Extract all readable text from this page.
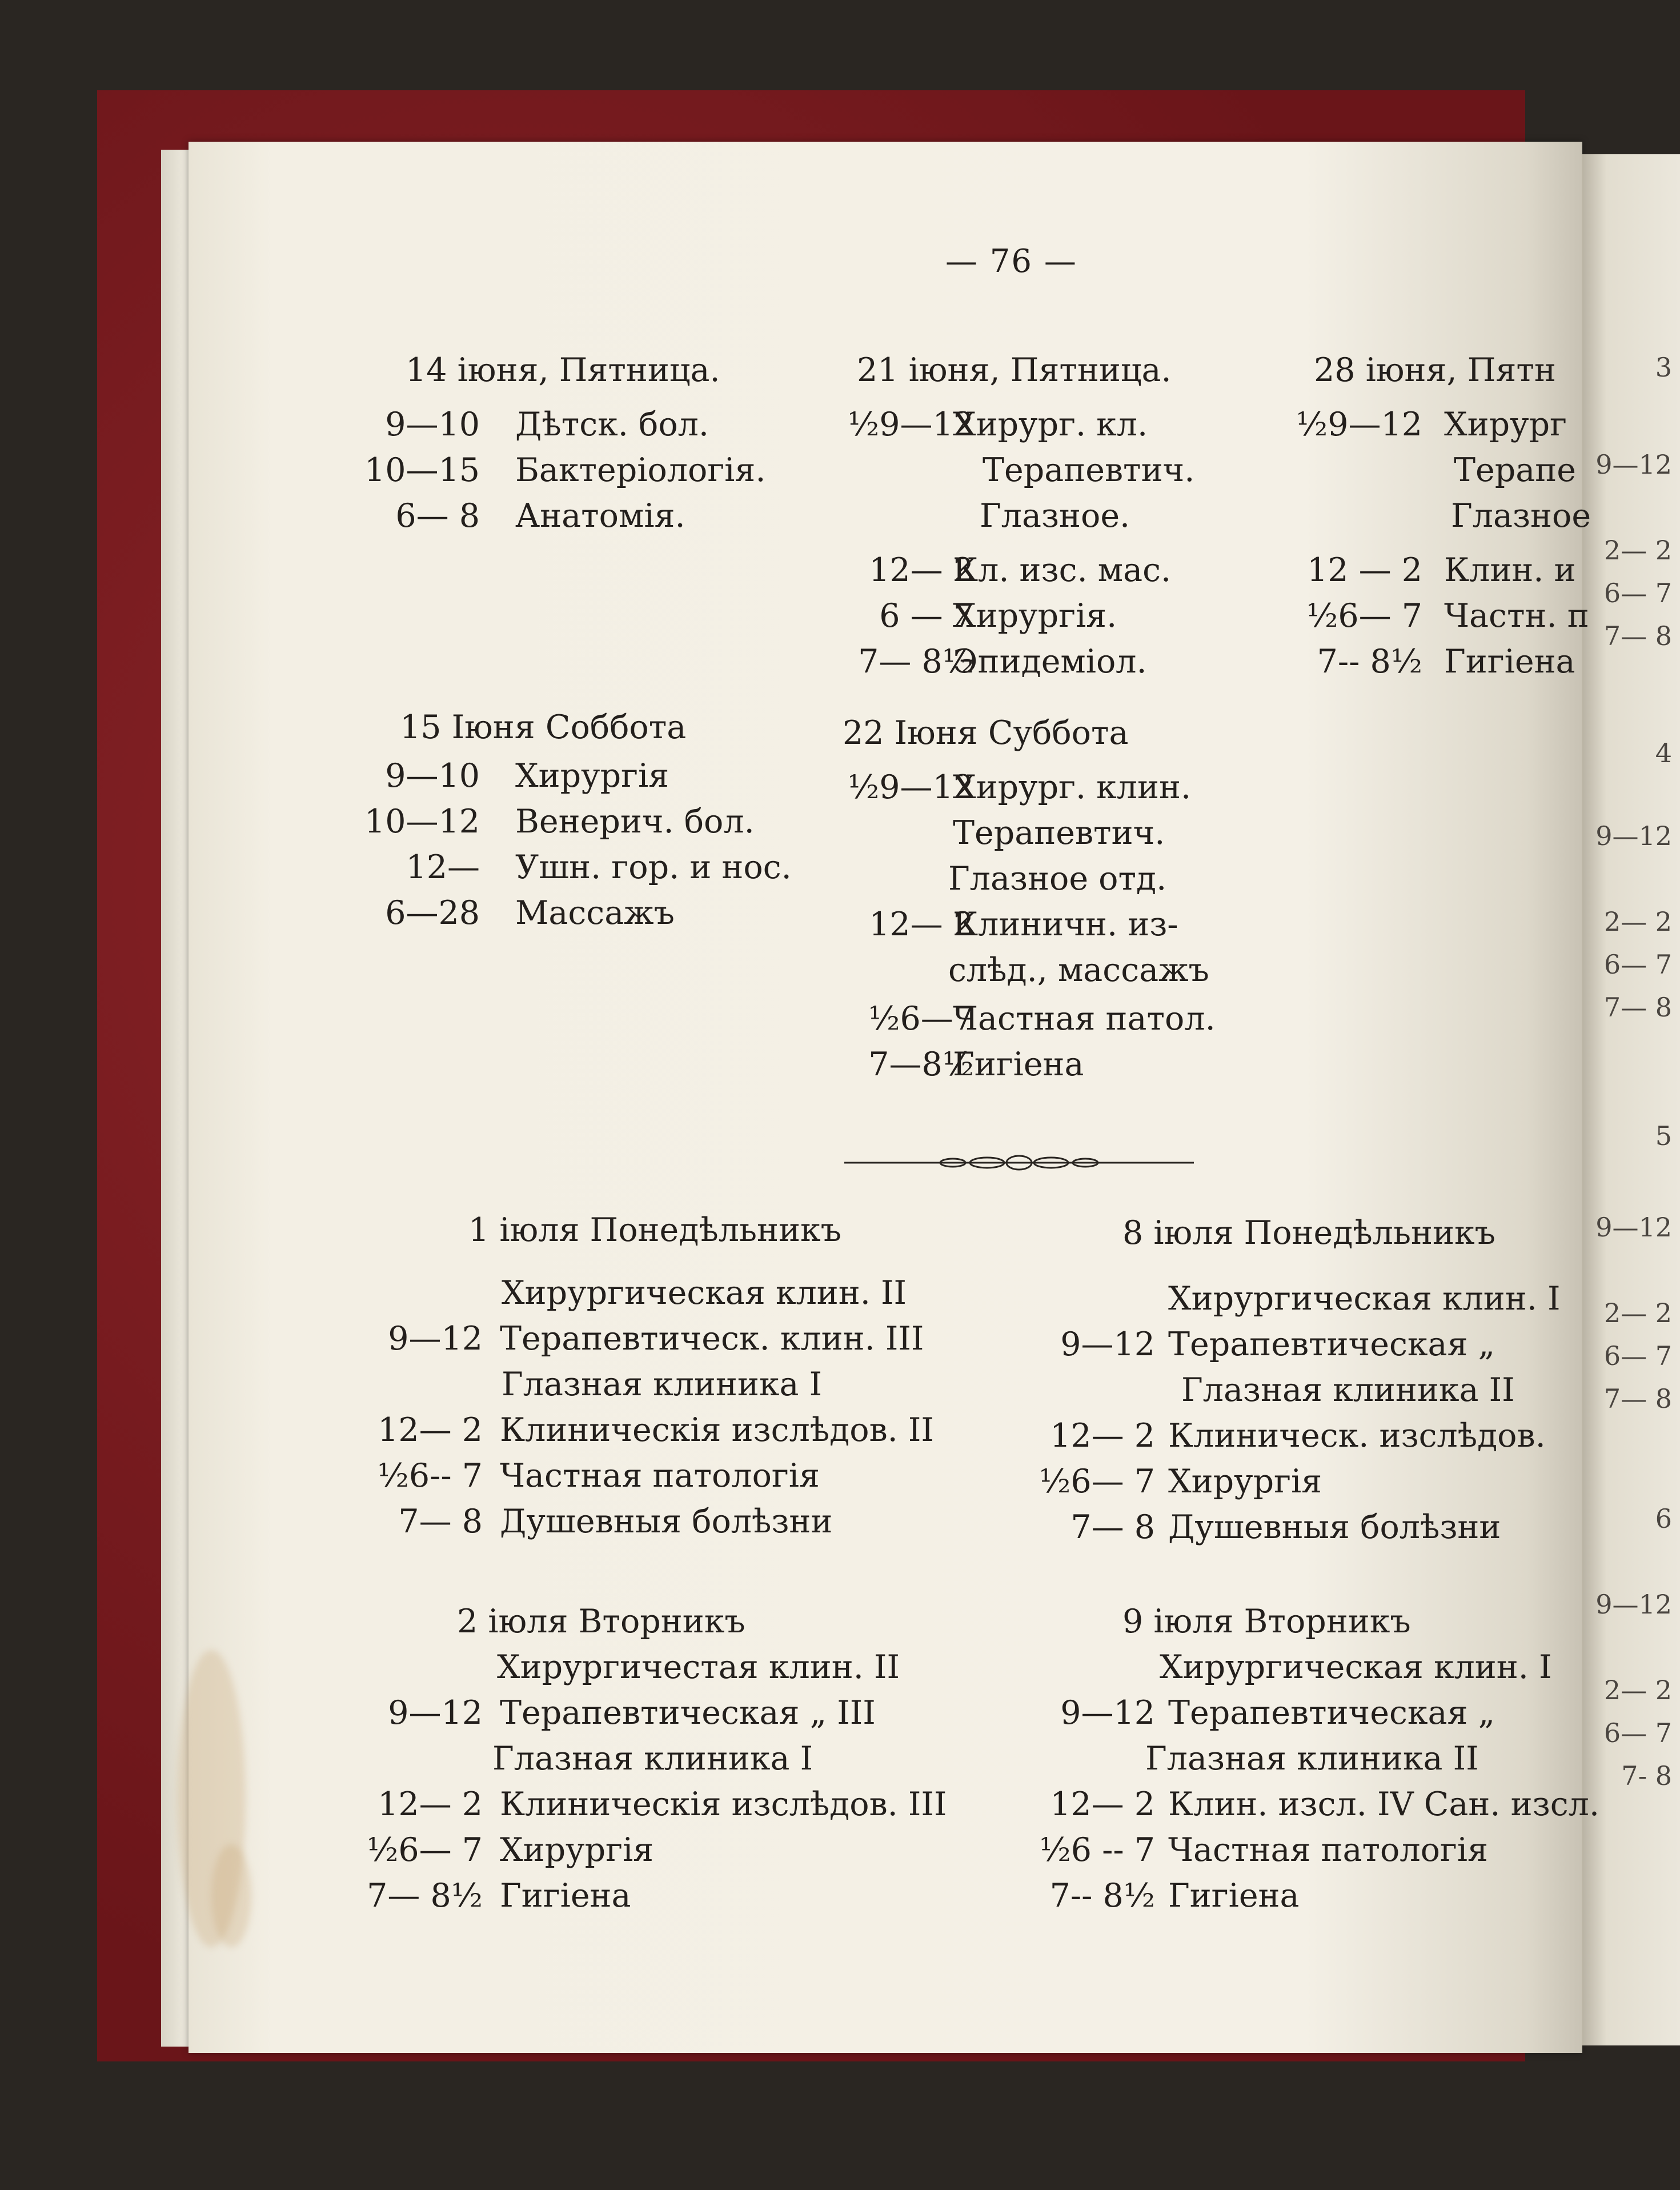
— 76 —
14 іюня, Пятница.
9—10 Дѣтск. бол.
10—15 Бактеріологія.
6— 8 Анатомія.
15 Іюня Соббота
9—10 Хирургія
10—12 Венерич. бол.
12— Ушн. гор. и нос.
6—28 Массажъ
21 іюня, Пятница.
½9—12
Хирург. кл.
Терапевтич.
Глазное.
12— 2
Кл. изс. мас.
6 — 7
Хирургія.
7— 8½
Эпидеміол.
22 Іюня Суббота
½9—12
Хирург. клин.
Терапевтич.
Глазное отд.
12— 2
Клиничн. из-
слѣд., массажъ
½6—7
Частная патол.
7—8½
Гигіена
28 іюня, Пятн
½9—12 Хирург
Терапе
Глазное
12 — 2 Клин. и
½6— 7 Частн. п
7-- 8½ Гигіена
1 іюля Понедѣльникъ
Хирургическая клин. II
9—12 Терапевтическ. клин. III
Глазная клиника I
12— 2 Клиническія изслѣдов. II
½6-- 7 Частная патологія
7— 8 Душевныя болѣзни
2 іюля Вторникъ
Хирургичестая клин. II
9—12 Терапевтическая „ III
Глазная клиника I
12— 2 Клиническія изслѣдов. III
½6— 7 Хирургія
7— 8½ Гигіена
8 іюля Понедѣльникъ
Хирургическая клин. I
9—12 Терапевтическая „
Глазная клиника II
12— 2 Клиническ. изслѣдов.
½6— 7 Хирургія
7— 8 Душевныя болѣзни
9 іюля Вторникъ
Хирургическая клин. I
9—12 Терапевтическая „
Глазная клиника II
12— 2 Клин. изсл. IV Сан. изсл.
½6 -- 7 Частная патологія
7-- 8½ Гигіена
3
9—12
2— 2
6— 7
7— 8
4
9—12
2— 2
6— 7
7— 8
5
9—12
2— 2
6— 7
7— 8
6
9—12
2— 2
6— 7
7- 8
